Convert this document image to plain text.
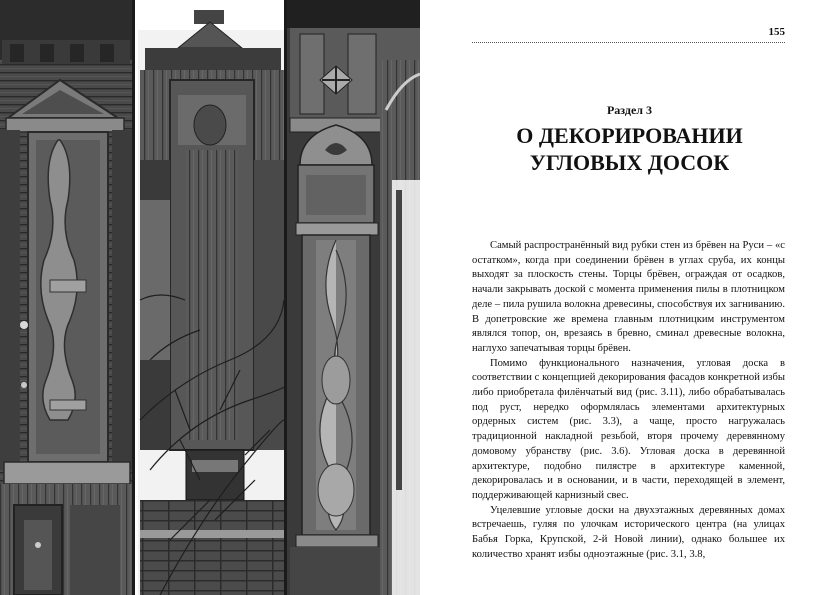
155
Раздел 3
О ДЕКОРИРОВАНИИ
УГЛОВЫХ ДОСОК

Самый распространённый вид рубки стен из брёвен на Руси – «с остатком», когда при соединении брёвен в углах сруба, их концы выходят за плоскость стены. Торцы брёвен, ограждая от осадков, начали закрывать доской с момента применения пилы в плотницком деле – пила рушила волокна древесины, способствуя их загниванию. В допетровские же времена главным плотницким инструментом являлся топор, он, врезаясь в бревно, сминал древесные волокна, наглухо запечатывая торцы брёвен.

Помимо функционального назначения, угловая доска в соответствии с концепцией декорирования фасадов конкретной избы либо приобретала филёнчатый вид (рис. 3.11), либо обрабатывалась под руст, нередко оформлялась элементами архитектурных ордерных систем (рис. 3.3), а чаще, просто нагружалась традиционной накладной резьбой, вторя прочему деревянному домовому убранству (рис. 3.6). Угловая доска в деревянной архитектуре, подобно пилястре в архитектуре каменной, декорировалась и в основании, и в части, переходящей в элемент, поддерживающей карнизный свес.

Уцелевшие угловые доски на двухэтажных деревянных домах встречаешь, гуляя по улочкам исторического центра (на улицах Бабья Горка, Крупской, 2-й Новой линии), однако большее их количество хранят избы одноэтажные (рис. 3.1, 3.8,
